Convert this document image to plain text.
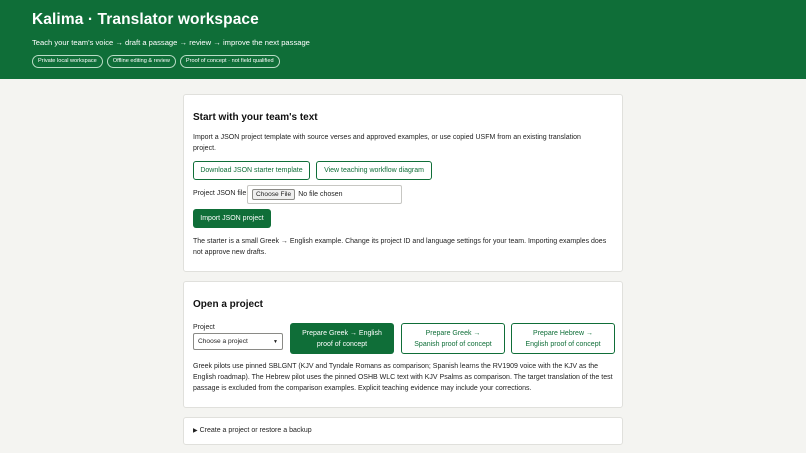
Kalima · Translator workspace
Teach your team's voice → draft a passage → review → improve the next passage
Private local workspace	Offline editing & review	Proof of concept · not field qualified
Start with your team's text
Import a JSON project template with source verses and approved examples, or use copied USFM from an existing translation project.
Download JSON starter template	View teaching workflow diagram
Project JSON file	Choose File	No file chosen
Import JSON project
The starter is a small Greek → English example. Change its project ID and language settings for your team. Importing examples does not approve new drafts.
Open a project
Project
Choose a project	▼
Prepare Greek → English proof of concept
Prepare Greek → Spanish proof of concept
Prepare Hebrew → English proof of concept
Greek pilots use pinned SBLGNT (KJV and Tyndale Romans as comparison; Spanish learns the RV1909 voice with the KJV as the English roadmap). The Hebrew pilot uses the pinned OSHB WLC text with KJV Psalms as comparison. The target translation of the test passage is excluded from the comparison examples. Explicit teaching evidence may include your corrections.
▶ Create a project or restore a backup
